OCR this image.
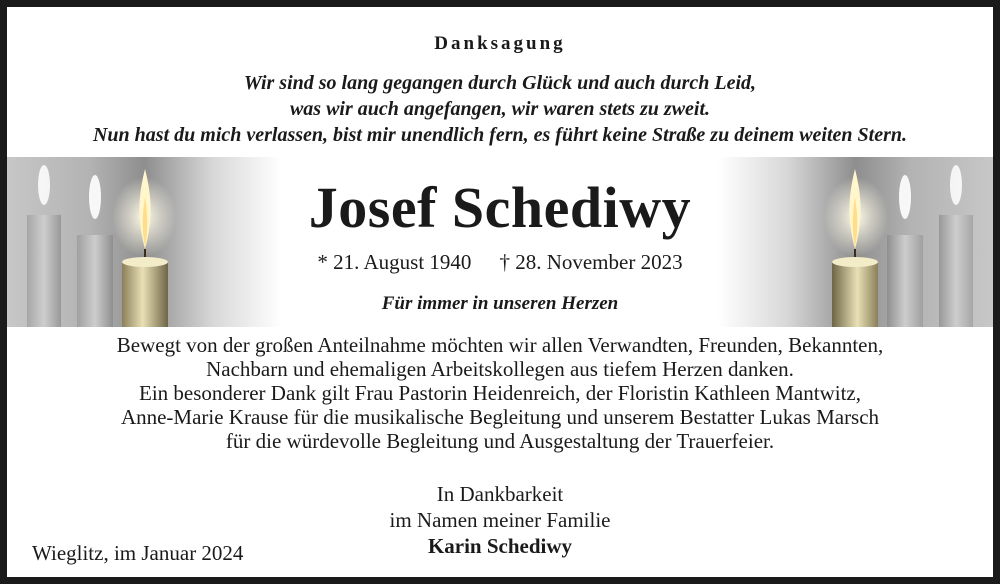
Danksagung
Wir sind so lang gegangen durch Glück und auch durch Leid,
was wir auch angefangen, wir waren stets zu zweit.
Nun hast du mich verlassen, bist mir unendlich fern, es führt keine Straße zu deinem weiten Stern.
Josef Schediwy
* 21. August 1940 † 28. November 2023
Für immer in unseren Herzen
Bewegt von der großen Anteilnahme möchten wir allen Verwandten, Freunden, Bekannten,
Nachbarn und ehemaligen Arbeitskollegen aus tiefem Herzen danken.
Ein besonderer Dank gilt Frau Pastorin Heidenreich, der Floristin Kathleen Mantwitz,
Anne-Marie Krause für die musikalische Begleitung und unserem Bestatter Lukas Marsch
für die würdevolle Begleitung und Ausgestaltung der Trauerfeier.
In Dankbarkeit
im Namen meiner Familie
Karin Schediwy
Wieglitz, im Januar 2024
